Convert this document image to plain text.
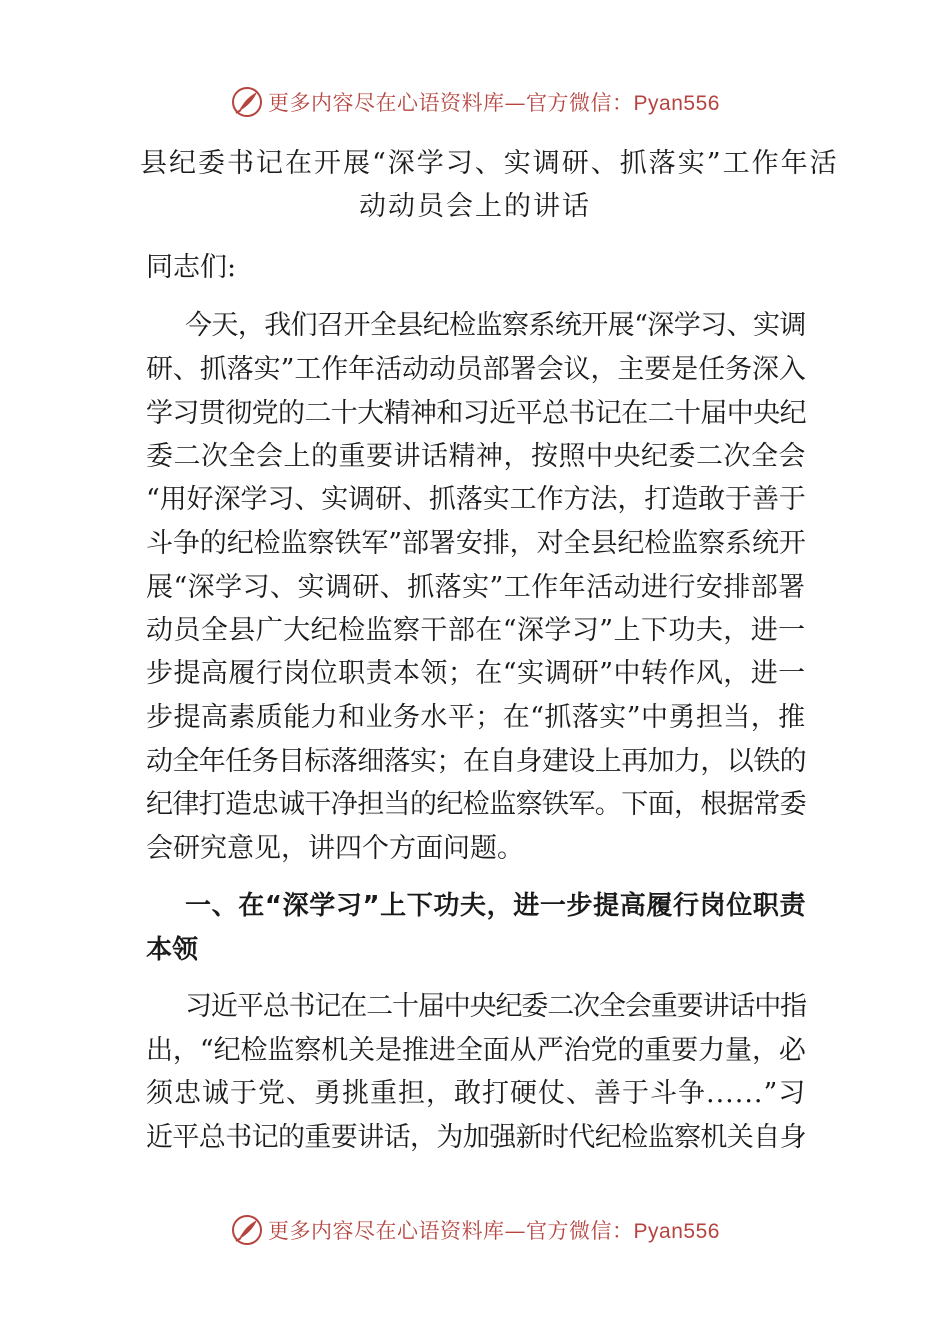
更多内容尽在心语资料库—官方微信：Pyan556
县纪委书记在开展“深学习、实调研、抓落实”工作年活
动动员会上的讲话
同志们:
今天，我们召开全县纪检监察系统开展“深学习、实调
研、抓落实”工作年活动动员部署会议，主要是任务深入
学习贯彻党的二十大精神和习近平总书记在二十届中央纪
委二次全会上的重要讲话精神，按照中央纪委二次全会
“用好深学习、实调研、抓落实工作方法，打造敢于善于
斗争的纪检监察铁军”部署安排，对全县纪检监察系统开
展“深学习、实调研、抓落实”工作年活动进行安排部署
动员全县广大纪检监察干部在“深学习”上下功夫，进一
步提高履行岗位职责本领；在“实调研”中转作风，进一
步提高素质能力和业务水平；在“抓落实”中勇担当，推
动全年任务目标落细落实；在自身建设上再加力，以铁的
纪律打造忠诚干净担当的纪检监察铁军。下面，根据常委
会研究意见，讲四个方面问题。
一、在“深学习”上下功夫，进一步提高履行岗位职责
本领
习近平总书记在二十届中央纪委二次全会重要讲话中指
出，“纪检监察机关是推进全面从严治党的重要力量，必
须忠诚于党、勇挑重担，敢打硬仗、善于斗争......”习
近平总书记的重要讲话，为加强新时代纪检监察机关自身
更多内容尽在心语资料库—官方微信：Pyan556
